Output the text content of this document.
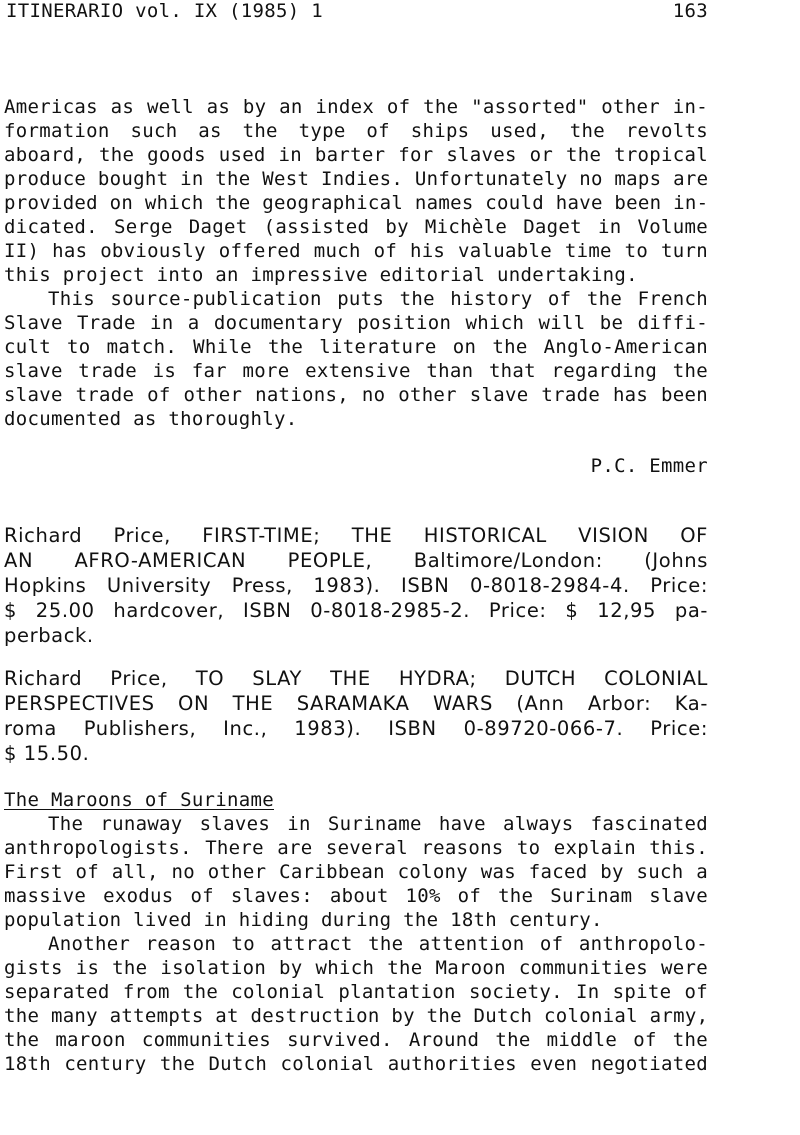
ITINERARIO vol. IX (1985) 1	163
Americas as well as by an index of the "assorted" other in-
formation such as the type of ships used, the revolts
aboard, the goods used in barter for slaves or the tropical
produce bought in the West Indies. Unfortunately no maps are
provided on which the geographical names could have been in-
dicated. Serge Daget (assisted by Michèle Daget in Volume
II) has obviously offered much of his valuable time to turn
this project into an impressive editorial undertaking.
This source-publication puts the history of the French
Slave Trade in a documentary position which will be diffi-
cult to match. While the literature on the Anglo-American
slave trade is far more extensive than that regarding the
slave trade of other nations, no other slave trade has been
documented as thoroughly.
P.C. Emmer
Richard Price, FIRST-TIME; THE HISTORICAL VISION OF
AN AFRO-AMERICAN PEOPLE, Baltimore/London: (Johns
Hopkins University Press, 1983). ISBN 0-8018-2984-4. Price:
$ 25.00 hardcover, ISBN 0-8018-2985-2. Price: $ 12,95 pa-
perback.
Richard Price, TO SLAY THE HYDRA; DUTCH COLONIAL
PERSPECTIVES ON THE SARAMAKA WARS (Ann Arbor: Ka-
roma Publishers, Inc., 1983). ISBN 0-89720-066-7. Price:
$ 15.50.
The Maroons of Suriname
The runaway slaves in Suriname have always fascinated
anthropologists. There are several reasons to explain this.
First of all, no other Caribbean colony was faced by such a
massive exodus of slaves: about 10% of the Surinam slave
population lived in hiding during the 18th century.
Another reason to attract the attention of anthropolo-
gists is the isolation by which the Maroon communities were
separated from the colonial plantation society. In spite of
the many attempts at destruction by the Dutch colonial army,
the maroon communities survived. Around the middle of the
18th century the Dutch colonial authorities even negotiated
